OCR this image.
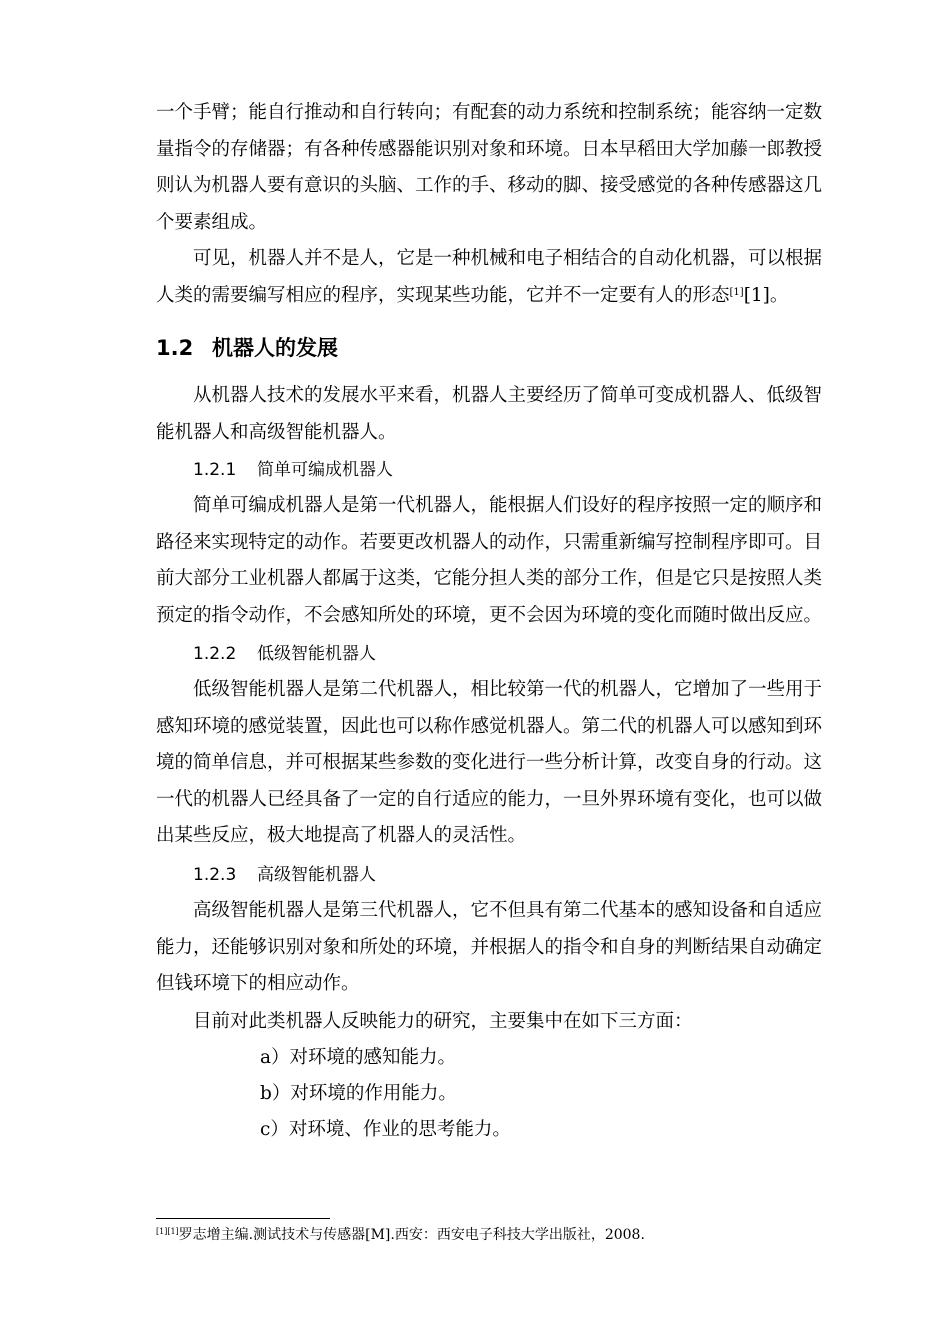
一个手臂；能自行推动和自行转向；有配套的动力系统和控制系统；能容纳一定数

量指令的存储器；有各种传感器能识别对象和环境。日本早稻田大学加藤一郎教授

则认为机器人要有意识的头脑、工作的手、移动的脚、接受感觉的各种传感器这几

个要素组成。

可见，机器人并不是人，它是一种机械和电子相结合的自动化机器，可以根据

人类的需要编写相应的程序，实现某些功能，它并不一定要有人的形态[1][1]。

1.2 机器人的发展

从机器人技术的发展水平来看，机器人主要经历了简单可变成机器人、低级智

能机器人和高级智能机器人。

1.2.1 简单可编成机器人

简单可编成机器人是第一代机器人，能根据人们设好的程序按照一定的顺序和

路径来实现特定的动作。若要更改机器人的动作，只需重新编写控制程序即可。目

前大部分工业机器人都属于这类，它能分担人类的部分工作，但是它只是按照人类

预定的指令动作，不会感知所处的环境，更不会因为环境的变化而随时做出反应。

1.2.2 低级智能机器人

低级智能机器人是第二代机器人，相比较第一代的机器人，它增加了一些用于

感知环境的感觉装置，因此也可以称作感觉机器人。第二代的机器人可以感知到环

境的简单信息，并可根据某些参数的变化进行一些分析计算，改变自身的行动。这

一代的机器人已经具备了一定的自行适应的能力，一旦外界环境有变化，也可以做

出某些反应，极大地提高了机器人的灵活性。

1.2.3 高级智能机器人

高级智能机器人是第三代机器人，它不但具有第二代基本的感知设备和自适应

能力，还能够识别对象和所处的环境，并根据人的指令和自身的判断结果自动确定

但钱环境下的相应动作。

目前对此类机器人反映能力的研究，主要集中在如下三方面：

a）对环境的感知能力。
b）对环境的作用能力。
c）对环境、作业的思考能力。
[1][1]罗志增主编.测试技术与传感器[M].西安：西安电子科技大学出版社，2008.
